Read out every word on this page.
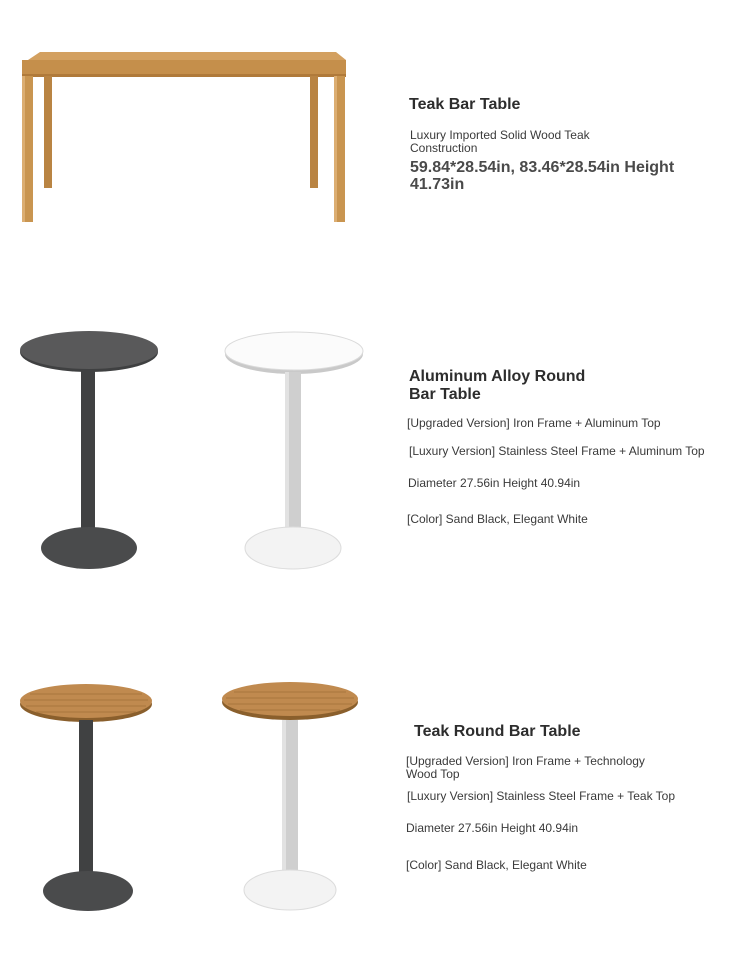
Teak Bar Table
Luxury Imported Solid Wood Teak Construction
59.84*28.54in, 83.46*28.54in Height 41.73in
Aluminum Alloy Round Bar Table
[Upgraded Version] Iron Frame + Aluminum Top
[Luxury Version] Stainless Steel Frame + Aluminum Top
Diameter 27.56in Height 40.94in
[Color] Sand Black, Elegant White
Teak Round Bar Table
[Upgraded Version] Iron Frame + Technology Wood Top
[Luxury Version] Stainless Steel Frame + Teak Top
Diameter 27.56in Height 40.94in
[Color] Sand Black, Elegant White
